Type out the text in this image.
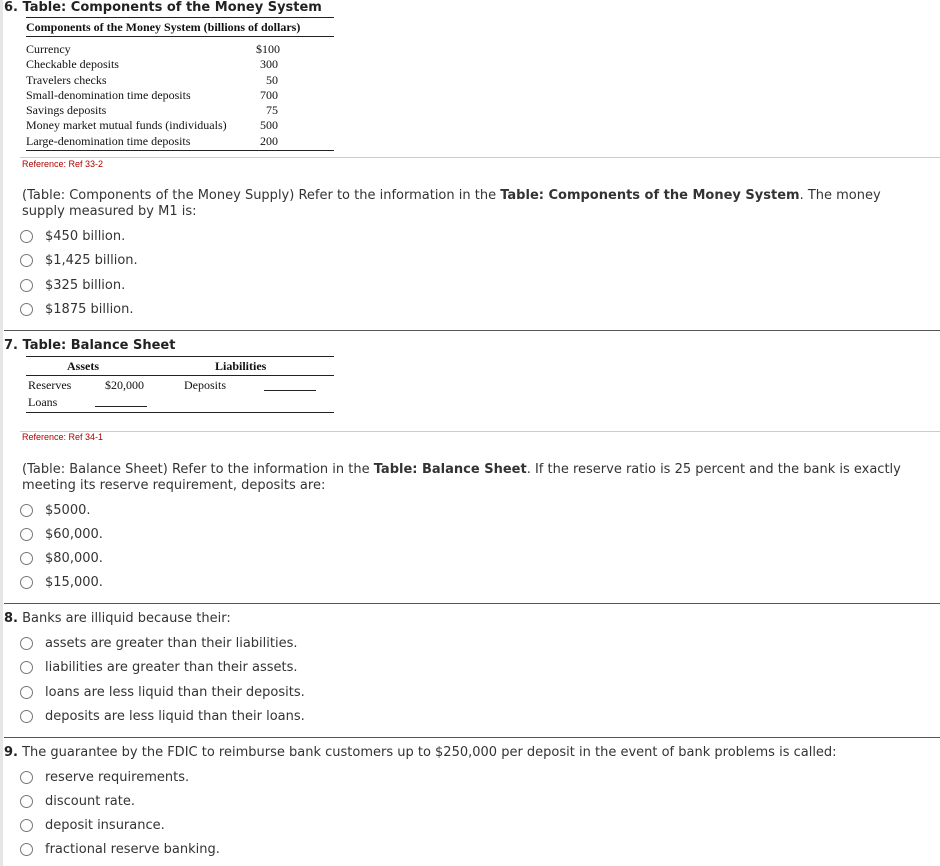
6. Table: Components of the Money System
Components of the Money System (billions of dollars)
Currency	$100
Checkable deposits	300
Travelers checks	50
Small-denomination time deposits	700
Savings deposits	75
Money market mutual funds (individuals)	500
Large-denomination time deposits	200
Reference: Ref 33-2
(Table: Components of the Money Supply) Refer to the information in the Table: Components of the Money System. The money supply measured by M1 is:
$450 billion.
$1,425 billion.
$325 billion.
$1875 billion.
7. Table: Balance Sheet
Assets	Liabilities
Reserves	$20,000	Deposits
Loans
Reference: Ref 34-1
(Table: Balance Sheet) Refer to the information in the Table: Balance Sheet. If the reserve ratio is 25 percent and the bank is exactly meeting its reserve requirement, deposits are:
$5000.
$60,000.
$80,000.
$15,000.
8. Banks are illiquid because their:
assets are greater than their liabilities.
liabilities are greater than their assets.
loans are less liquid than their deposits.
deposits are less liquid than their loans.
9. The guarantee by the FDIC to reimburse bank customers up to $250,000 per deposit in the event of bank problems is called:
reserve requirements.
discount rate.
deposit insurance.
fractional reserve banking.
